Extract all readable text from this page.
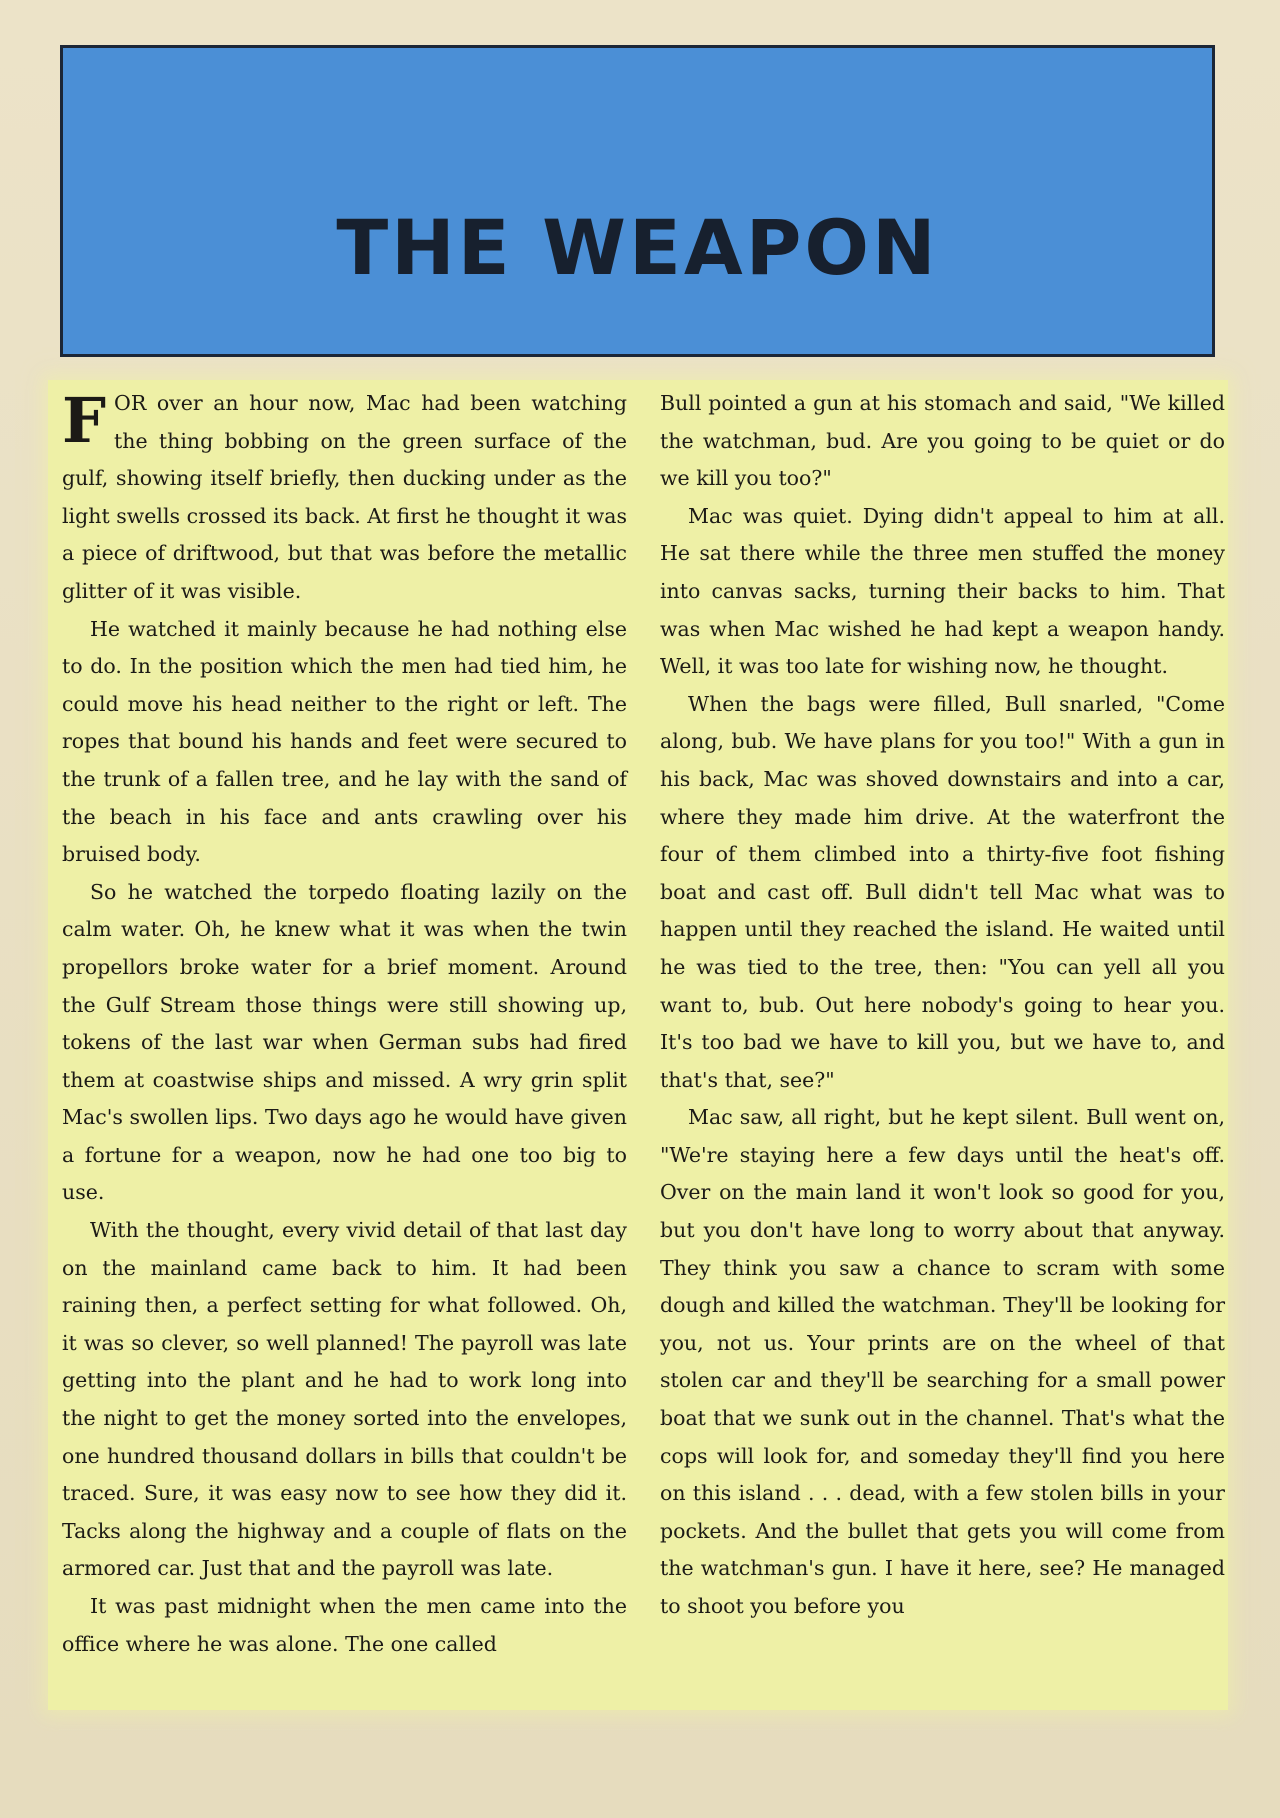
THE WEAPON

FOR over an hour now, Mac had been watching the thing bobbing on the green surface of the gulf, showing itself briefly, then ducking under as the light swells crossed its back. At first he thought it was a piece of driftwood, but that was before the metallic glitter of it was visible.

He watched it mainly because he had nothing else to do. In the position which the men had tied him, he could move his head neither to the right or left. The ropes that bound his hands and feet were secured to the trunk of a fallen tree, and he lay with the sand of the beach in his face and ants crawling over his bruised body.

So he watched the torpedo floating lazily on the calm water. Oh, he knew what it was when the twin propellors broke water for a brief moment. Around the Gulf Stream those things were still showing up, tokens of the last war when German subs had fired them at coastwise ships and missed. A wry grin split Mac's swollen lips. Two days ago he would have given a fortune for a weapon, now he had one too big to use.

With the thought, every vivid detail of that last day on the mainland came back to him. It had been raining then, a perfect setting for what followed. Oh, it was so clever, so well planned! The payroll was late getting into the plant and he had to work long into the night to get the money sorted into the envelopes, one hundred thousand dollars in bills that couldn't be traced. Sure, it was easy now to see how they did it. Tacks along the highway and a couple of flats on the armored car. Just that and the payroll was late.

It was past midnight when the men came into the office where he was alone. The one called

Bull pointed a gun at his stomach and said, "We killed the watchman, bud. Are you going to be quiet or do we kill you too?"

Mac was quiet. Dying didn't appeal to him at all. He sat there while the three men stuffed the money into canvas sacks, turning their backs to him. That was when Mac wished he had kept a weapon handy. Well, it was too late for wishing now, he thought.

When the bags were filled, Bull snarled, "Come along, bub. We have plans for you too!" With a gun in his back, Mac was shoved downstairs and into a car, where they made him drive. At the waterfront the four of them climbed into a thirty-five foot fishing boat and cast off. Bull didn't tell Mac what was to happen until they reached the island. He waited until he was tied to the tree, then: "You can yell all you want to, bub. Out here nobody's going to hear you. It's too bad we have to kill you, but we have to, and that's that, see?"

Mac saw, all right, but he kept silent. Bull went on, "We're staying here a few days until the heat's off. Over on the main land it won't look so good for you, but you don't have long to worry about that anyway. They think you saw a chance to scram with some dough and killed the watchman. They'll be looking for you, not us. Your prints are on the wheel of that stolen car and they'll be searching for a small power boat that we sunk out in the channel. That's what the cops will look for, and someday they'll find you here on this island . . . dead, with a few stolen bills in your pockets. And the bullet that gets you will come from the watchman's gun. I have it here, see? He managed to shoot you before you
